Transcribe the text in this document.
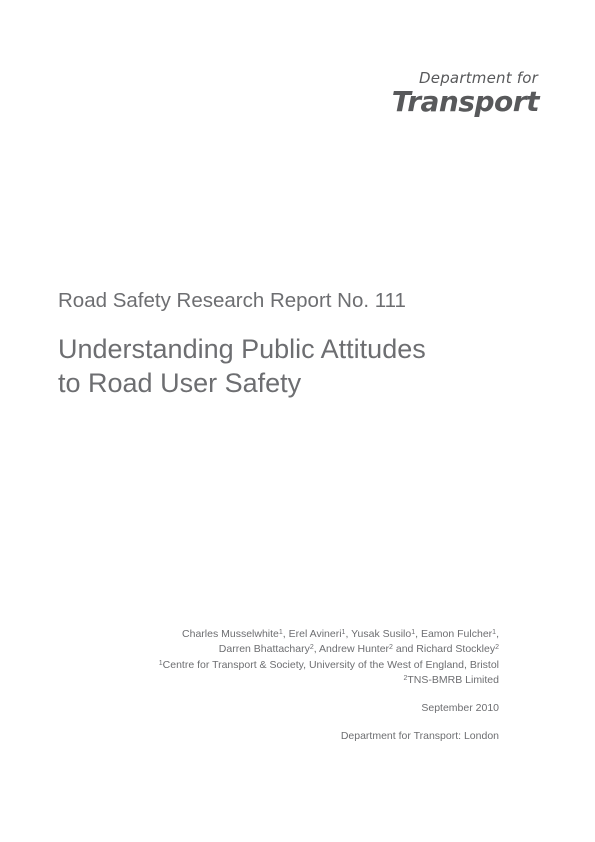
Department for
Transport
Road Safety Research Report No. 111
Understanding Public Attitudes
to Road User Safety
Charles Musselwhite$^1$, Erel Avineri$^1$, Yusak Susilo$^1$, Eamon Fulcher$^1$,
Darren Bhattachary$^2$, Andrew Hunter$^2$ and Richard Stockley$^2$
$^1$Centre for Transport & Society, University of the West of England, Bristol
$^2$TNS-BMRB Limited
September 2010
Department for Transport: London
